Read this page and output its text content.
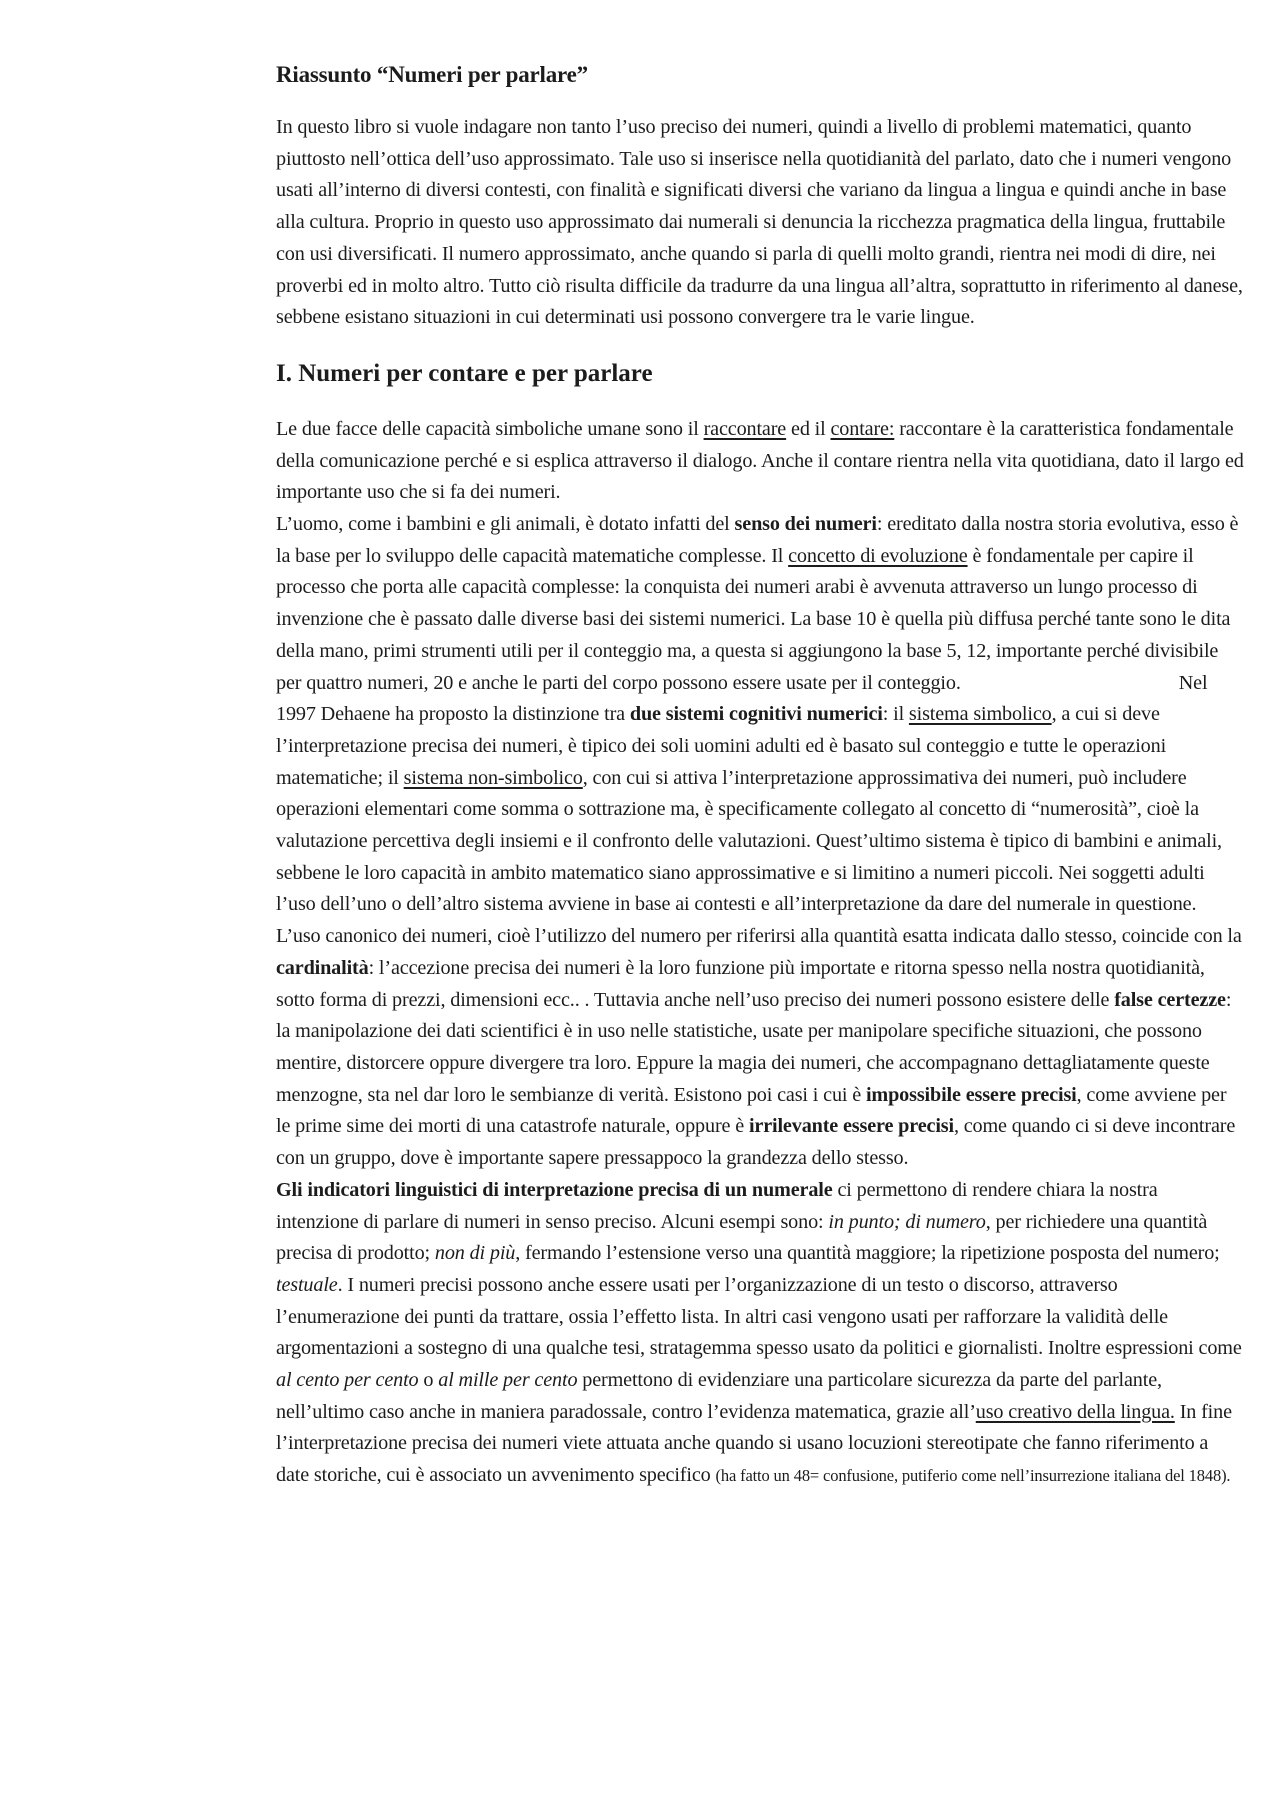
Riassunto “Numeri per parlare”

In questo libro si vuole indagare non tanto l’uso preciso dei numeri, quindi a livello di problemi matematici, quanto piuttosto nell’ottica dell’uso approssimato. Tale uso si inserisce nella quotidianità del parlato, dato che i numeri vengono usati all’interno di diversi contesti, con finalità e significati diversi che variano da lingua a lingua e quindi anche in base alla cultura. Proprio in questo uso approssimato dai numerali si denuncia la ricchezza pragmatica della lingua, fruttabile con usi diversificati. Il numero approssimato, anche quando si parla di quelli molto grandi, rientra nei modi di dire, nei proverbi ed in molto altro. Tutto ciò risulta difficile da tradurre da una lingua all’altra, soprattutto in riferimento al danese, sebbene esistano situazioni in cui determinati usi possono convergere tra le varie lingue.

I. Numeri per contare e per parlare

Le due facce delle capacità simboliche umane sono il raccontare ed il contare: raccontare è la caratteristica fondamentale della comunicazione perché e si esplica attraverso il dialogo. Anche il contare rientra nella vita quotidiana, dato il largo ed importante uso che si fa dei numeri.

L’uomo, come i bambini e gli animali, è dotato infatti del senso dei numeri: ereditato dalla nostra storia evolutiva, esso è la base per lo sviluppo delle capacità matematiche complesse. Il concetto di evoluzione è fondamentale per capire il processo che porta alle capacità complesse: la conquista dei numeri arabi è avvenuta attraverso un lungo processo di invenzione che è passato dalle diverse basi dei sistemi numerici. La base 10 è quella più diffusa perché tante sono le dita della mano, primi strumenti utili per il conteggio ma, a questa si aggiungono la base 5, 12, importante perché divisibile per quattro numeri, 20 e anche le parti del corpo possono essere usate per il conteggio.	Nel 1997 Dehaene ha proposto la distinzione tra due sistemi cognitivi numerici: il sistema simbolico, a cui si deve l’interpretazione precisa dei numeri, è tipico dei soli uomini adulti ed è basato sul conteggio e tutte le operazioni matematiche; il sistema non-simbolico, con cui si attiva l’interpretazione approssimativa dei numeri, può includere operazioni elementari come somma o sottrazione ma, è specificamente collegato al concetto di “numerosità”, cioè la valutazione percettiva degli insiemi e il confronto delle valutazioni. Quest’ultimo sistema è tipico di bambini e animali, sebbene le loro capacità in ambito matematico siano approssimative e si limitino a numeri piccoli. Nei soggetti adulti l’uso dell’uno o dell’altro sistema avviene in base ai contesti e all’interpretazione da dare del numerale in questione.

L’uso canonico dei numeri, cioè l’utilizzo del numero per riferirsi alla quantità esatta indicata dallo stesso, coincide con la cardinalità: l’accezione precisa dei numeri è la loro funzione più importate e ritorna spesso nella nostra quotidianità, sotto forma di prezzi, dimensioni ecc.. . Tuttavia anche nell’uso preciso dei numeri possono esistere delle false certezze: la manipolazione dei dati scientifici è in uso nelle statistiche, usate per manipolare specifiche situazioni, che possono mentire, distorcere oppure divergere tra loro. Eppure la magia dei numeri, che accompagnano dettagliatamente queste menzogne, sta nel dar loro le sembianze di verità. Esistono poi casi i cui è impossibile essere precisi, come avviene per le prime sime dei morti di una catastrofe naturale, oppure è irrilevante essere precisi, come quando ci si deve incontrare con un gruppo, dove è importante sapere pressappoco la grandezza dello stesso.

Gli indicatori linguistici di interpretazione precisa di un numerale ci permettono di rendere chiara la nostra intenzione di parlare di numeri in senso preciso. Alcuni esempi sono: in punto; di numero, per richiedere una quantità precisa di prodotto; non di più, fermando l’estensione verso una quantità maggiore; la ripetizione posposta del numero; testuale. I numeri precisi possono anche essere usati per l’organizzazione di un testo o discorso, attraverso l’enumerazione dei punti da trattare, ossia l’effetto lista. In altri casi vengono usati per rafforzare la validità delle argomentazioni a sostegno di una qualche tesi, stratagemma spesso usato da politici e giornalisti. Inoltre espressioni come al cento per cento o al mille per cento permettono di evidenziare una particolare sicurezza da parte del parlante, nell’ultimo caso anche in maniera paradossale, contro l’evidenza matematica, grazie all’uso creativo della lingua. In fine l’interpretazione precisa dei numeri viete attuata anche quando si usano locuzioni stereotipate che fanno riferimento a date storiche, cui è associato un avvenimento specifico (ha fatto un 48= confusione, putiferio come nell’insurrezione italiana del 1848).
